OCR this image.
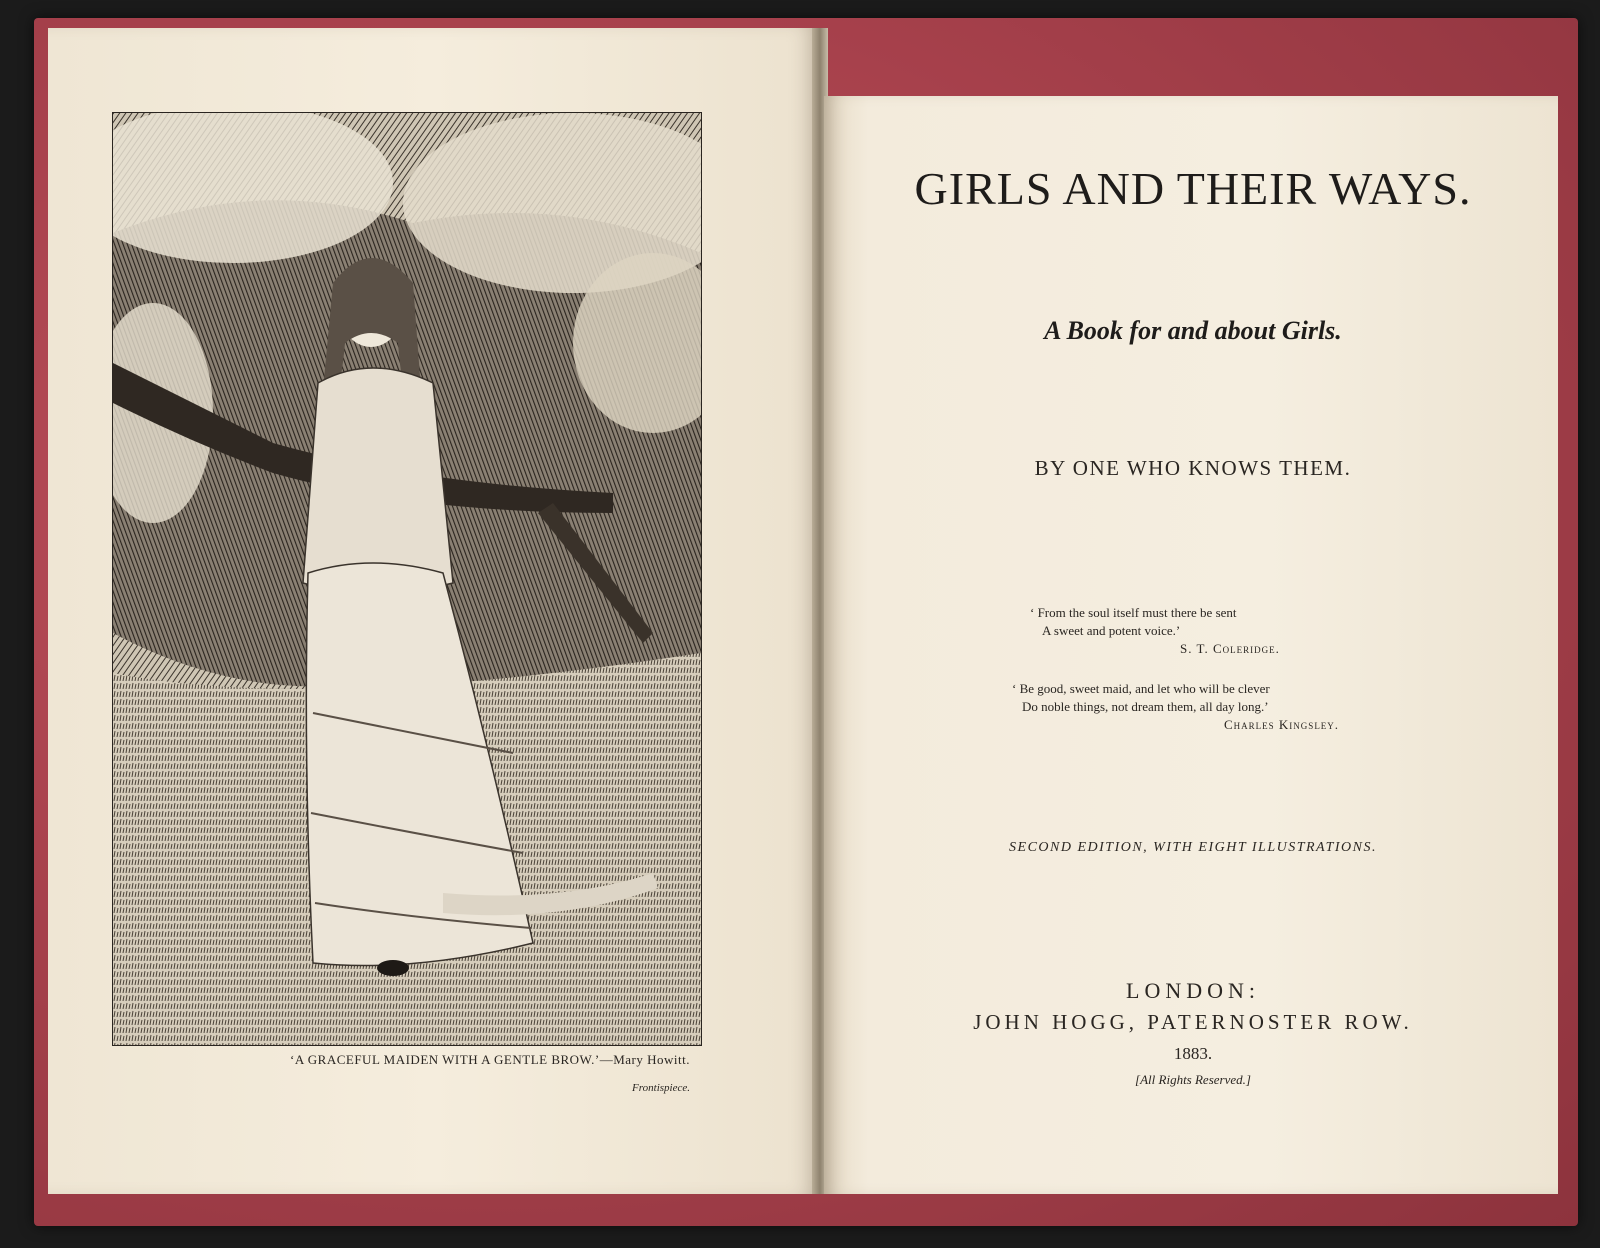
‘A GRACEFUL MAIDEN WITH A GENTLE BROW.’—Mary Howitt.
Frontispiece.
GIRLS AND THEIR WAYS.
A Book for and about Girls.
BY ONE WHO KNOWS THEM.
‘ From the soul itself must there be sent
A sweet and potent voice.’
S. T. Coleridge.
‘ Be good, sweet maid, and let who will be clever
Do noble things, not dream them, all day long.’
Charles Kingsley.
SECOND EDITION, WITH EIGHT ILLUSTRATIONS.
LONDON:
JOHN HOGG, PATERNOSTER ROW.
1883.
[All Rights Reserved.]
